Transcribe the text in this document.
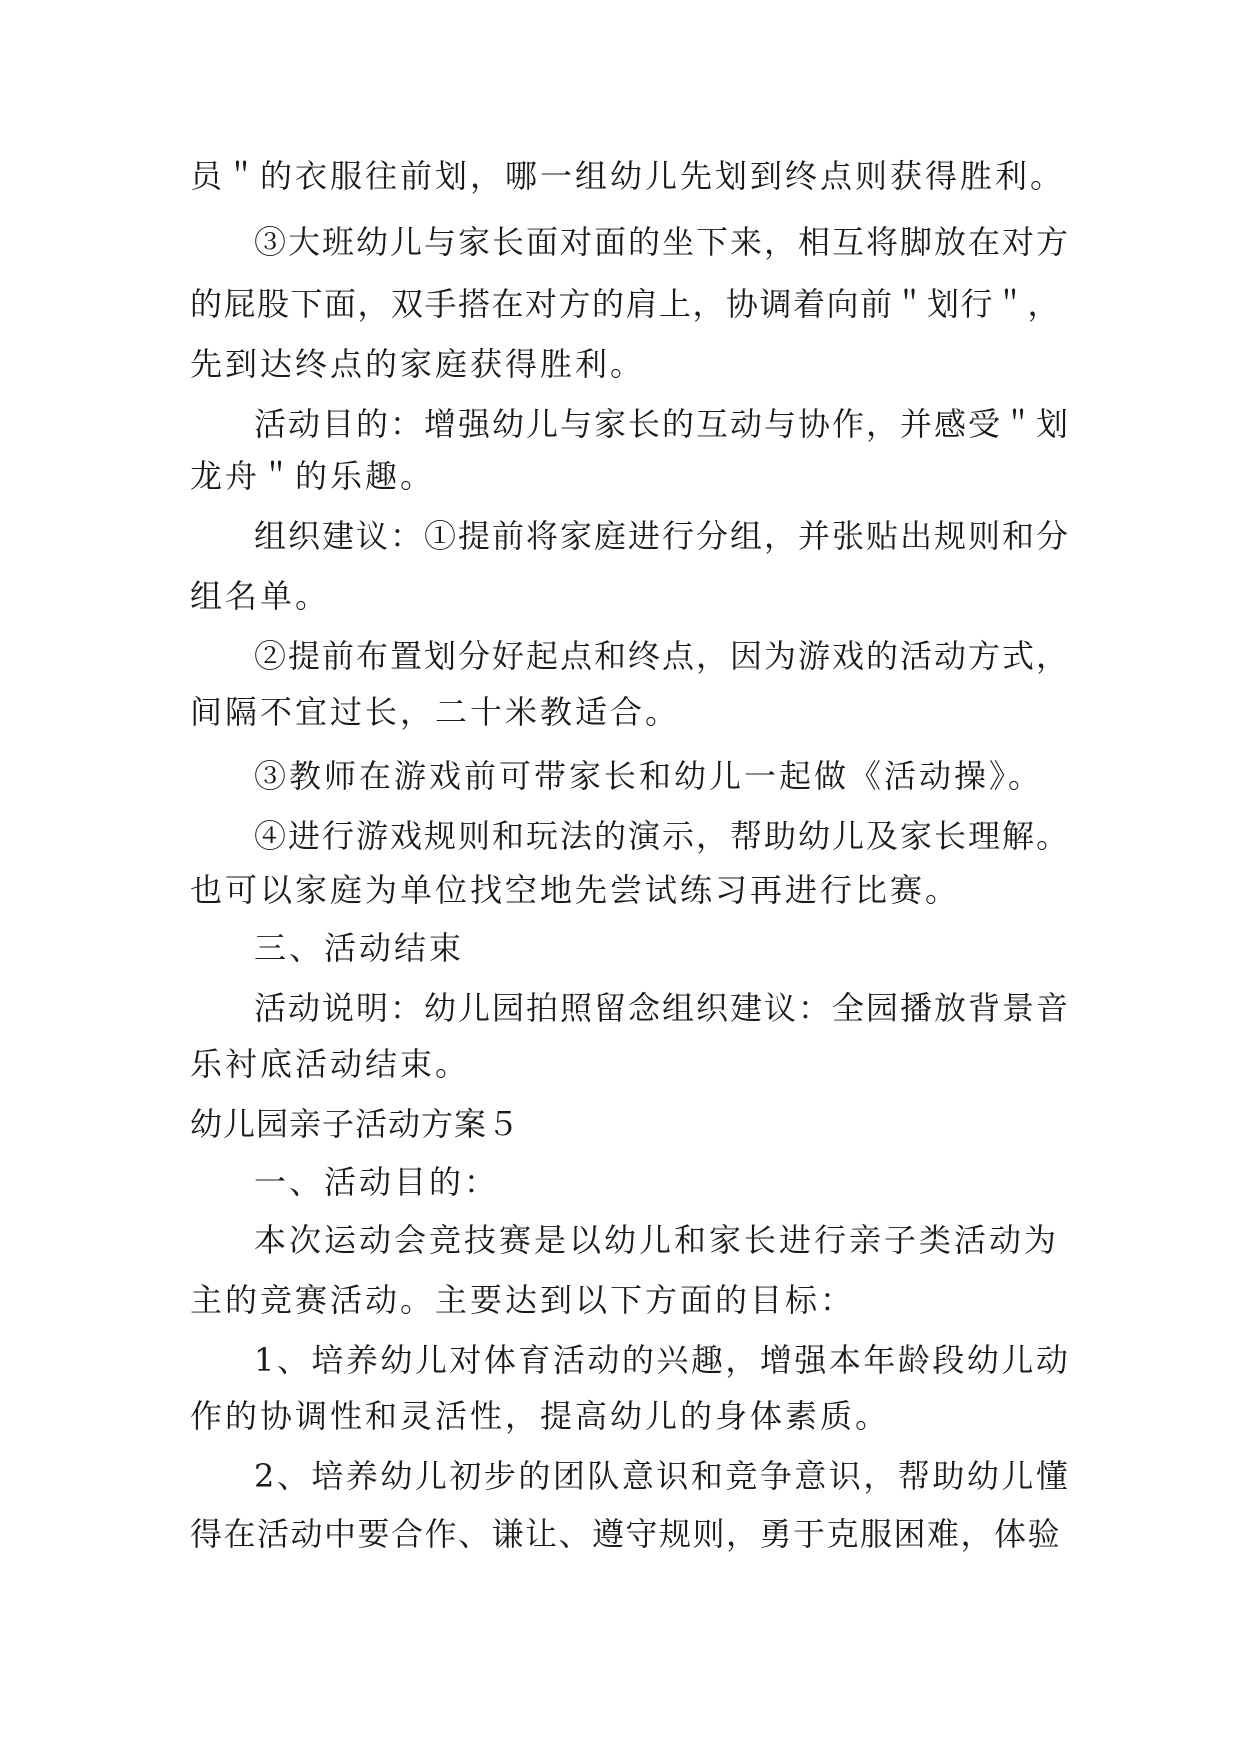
员＂的衣服往前划，哪一组幼儿先划到终点则获得胜利。
③大班幼儿与家长面对面的坐下来，相互将脚放在对方
的屁股下面，双手搭在对方的肩上，协调着向前＂划行＂，
先到达终点的家庭获得胜利。
活动目的：增强幼儿与家长的互动与协作，并感受＂划
龙舟＂的乐趣。
组织建议：①提前将家庭进行分组，并张贴出规则和分
组名单。
②提前布置划分好起点和终点，因为游戏的活动方式，
间隔不宜过长，二十米教适合。
③教师在游戏前可带家长和幼儿一起做《活动操》。
④进行游戏规则和玩法的演示，帮助幼儿及家长理解。
也可以家庭为单位找空地先尝试练习再进行比赛。
三、活动结束
活动说明：幼儿园拍照留念组织建议：全园播放背景音
乐衬底活动结束。
幼儿园亲子活动方案５
一、活动目的：
本次运动会竞技赛是以幼儿和家长进行亲子类活动为
主的竞赛活动。主要达到以下方面的目标：
1、培养幼儿对体育活动的兴趣，增强本年龄段幼儿动
作的协调性和灵活性，提高幼儿的身体素质。
2、培养幼儿初步的团队意识和竞争意识，帮助幼儿懂
得在活动中要合作、谦让、遵守规则，勇于克服困难，体验
